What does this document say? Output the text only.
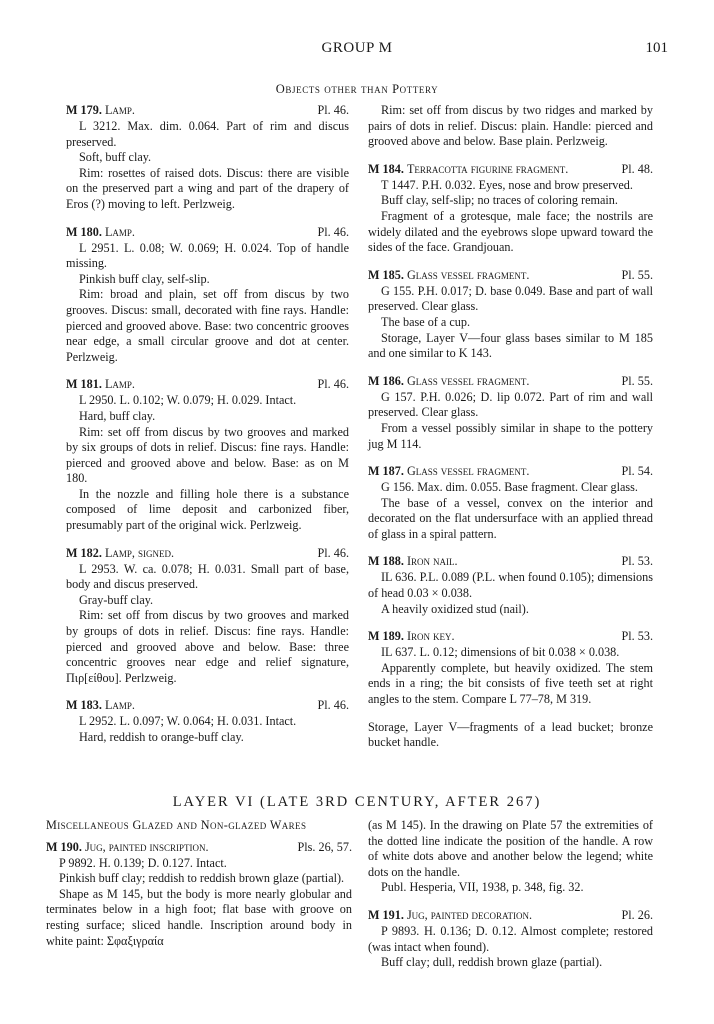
GROUP M	101
Objects other than Pottery
M 179. Lamp.	Pl. 46.

L 3212. Max. dim. 0.064. Part of rim and discus preserved.

Soft, buff clay.

Rim: rosettes of raised dots. Discus: there are visible on the preserved part a wing and part of the drapery of Eros (?) moving to left. Perlzweig.

M 180. Lamp.	Pl. 46.

L 2951. L. 0.08; W. 0.069; H. 0.024. Top of handle missing.

Pinkish buff clay, self-slip.

Rim: broad and plain, set off from discus by two grooves. Discus: small, decorated with fine rays. Handle: pierced and grooved above. Base: two concentric grooves near edge, a small circular groove and dot at center. Perlzweig.

M 181. Lamp.	Pl. 46.

L 2950. L. 0.102; W. 0.079; H. 0.029. Intact.

Hard, buff clay.

Rim: set off from discus by two grooves and marked by six groups of dots in relief. Discus: fine rays. Handle: pierced and grooved above and below. Base: as on M 180.

In the nozzle and filling hole there is a substance composed of lime deposit and carbonized fiber, presumably part of the original wick. Perlzweig.

M 182. Lamp, signed.	Pl. 46.

L 2953. W. ca. 0.078; H. 0.031. Small part of base, body and discus preserved.

Gray-buff clay.

Rim: set off from discus by two grooves and marked by groups of dots in relief. Discus: fine rays. Handle: pierced and grooved above and below. Base: three concentric grooves near edge and relief signature, Πιρ[είθου]. Perlzweig.

M 183. Lamp.	Pl. 46.

L 2952. L. 0.097; W. 0.064; H. 0.031. Intact.

Hard, reddish to orange-buff clay.

Rim: set off from discus by two ridges and marked by pairs of dots in relief. Discus: plain. Handle: pierced and grooved above and below. Base plain. Perlzweig.

M 184. Terracotta figurine fragment.	Pl. 48.

T 1447. P.H. 0.032. Eyes, nose and brow preserved.

Buff clay, self-slip; no traces of coloring remain.

Fragment of a grotesque, male face; the nostrils are widely dilated and the eyebrows slope upward toward the sides of the face. Grandjouan.

M 185. Glass vessel fragment.	Pl. 55.

G 155. P.H. 0.017; D. base 0.049. Base and part of wall preserved. Clear glass.

The base of a cup.

Storage, Layer V—four glass bases similar to M 185 and one similar to K 143.

M 186. Glass vessel fragment.	Pl. 55.

G 157. P.H. 0.026; D. lip 0.072. Part of rim and wall preserved. Clear glass.

From a vessel possibly similar in shape to the pottery jug M 114.

M 187. Glass vessel fragment.	Pl. 54.

G 156. Max. dim. 0.055. Base fragment. Clear glass.

The base of a vessel, convex on the interior and decorated on the flat undersurface with an applied thread of glass in a spiral pattern.

M 188. Iron nail.	Pl. 53.

IL 636. P.L. 0.089 (P.L. when found 0.105); dimensions of head 0.03 × 0.038.

A heavily oxidized stud (nail).

M 189. Iron key.	Pl. 53.

IL 637. L. 0.12; dimensions of bit 0.038 × 0.038.

Apparently complete, but heavily oxidized. The stem ends in a ring; the bit consists of five teeth set at right angles to the stem. Compare L 77–78, M 319.

Storage, Layer V—fragments of a lead bucket; bronze bucket handle.

LAYER VI (LATE 3RD CENTURY, AFTER 267)
Miscellaneous Glazed and Non-glazed Wares
M 190. Jug, painted inscription.	Pls. 26, 57.

P 9892. H. 0.139; D. 0.127. Intact.

Pinkish buff clay; reddish to reddish brown glaze (partial).

Shape as M 145, but the body is more nearly globular and terminates below in a high foot; flat base with groove on resting surface; sliced handle. Inscription around body in white paint: Σφαξιγραία

(as M 145). In the drawing on Plate 57 the extremities of the dotted line indicate the position of the handle. A row of white dots above and another below the legend; white dots on the handle.

Publ. Hesperia, VII, 1938, p. 348, fig. 32.

M 191. Jug, painted decoration.	Pl. 26.

P 9893. H. 0.136; D. 0.12. Almost complete; restored (was intact when found).

Buff clay; dull, reddish brown glaze (partial).
